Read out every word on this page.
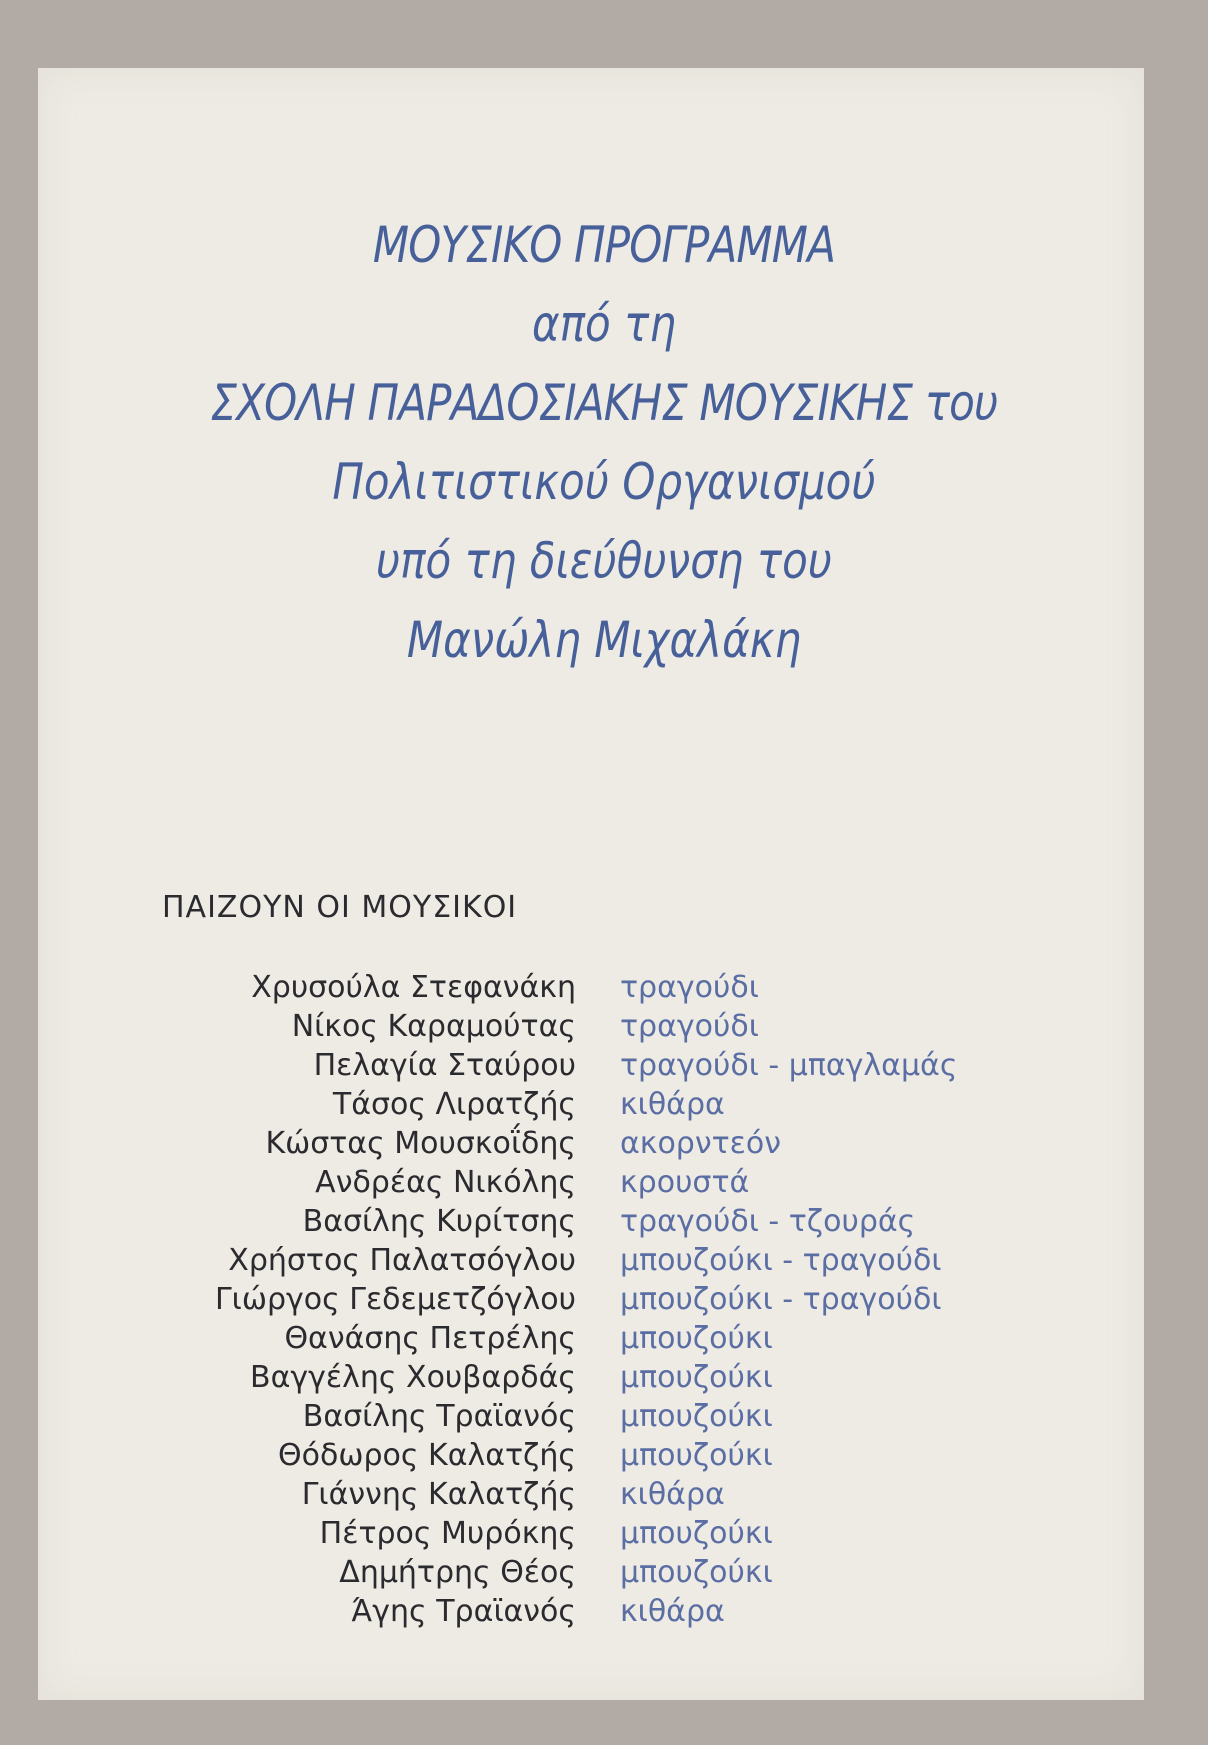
ΜΟΥΣΙΚΟ ΠΡΟΓΡΑΜΜΑ
από τη
ΣΧΟΛΗ ΠΑΡΑΔΟΣΙΑΚΗΣ ΜΟΥΣΙΚΗΣ του
Πολιτιστικού Οργανισμού
υπό τη διεύθυνση του
Μανώλη Μιχαλάκη
ΠΑΙΖΟΥΝ ΟΙ ΜΟΥΣΙΚΟΙ
Χρυσούλα Στεφανάκη τραγούδι
Νίκος Καραμούτας τραγούδι
Πελαγία Σταύρου τραγούδι - μπαγλαμάς
Τάσος Λιρατζής κιθάρα
Κώστας Μουσκοΐδης ακορντεόν
Ανδρέας Νικόλης κρουστά
Βασίλης Κυρίτσης τραγούδι - τζουράς
Χρήστος Παλατσόγλου μπουζούκι - τραγούδι
Γιώργος Γεδεμετζόγλου μπουζούκι - τραγούδι
Θανάσης Πετρέλης μπουζούκι
Βαγγέλης Χουβαρδάς μπουζούκι
Βασίλης Τραϊανός μπουζούκι
Θόδωρος Καλατζής μπουζούκι
Γιάννης Καλατζής κιθάρα
Πέτρος Μυρόκης μπουζούκι
Δημήτρης Θέος μπουζούκι
Άγης Τραϊανός κιθάρα
